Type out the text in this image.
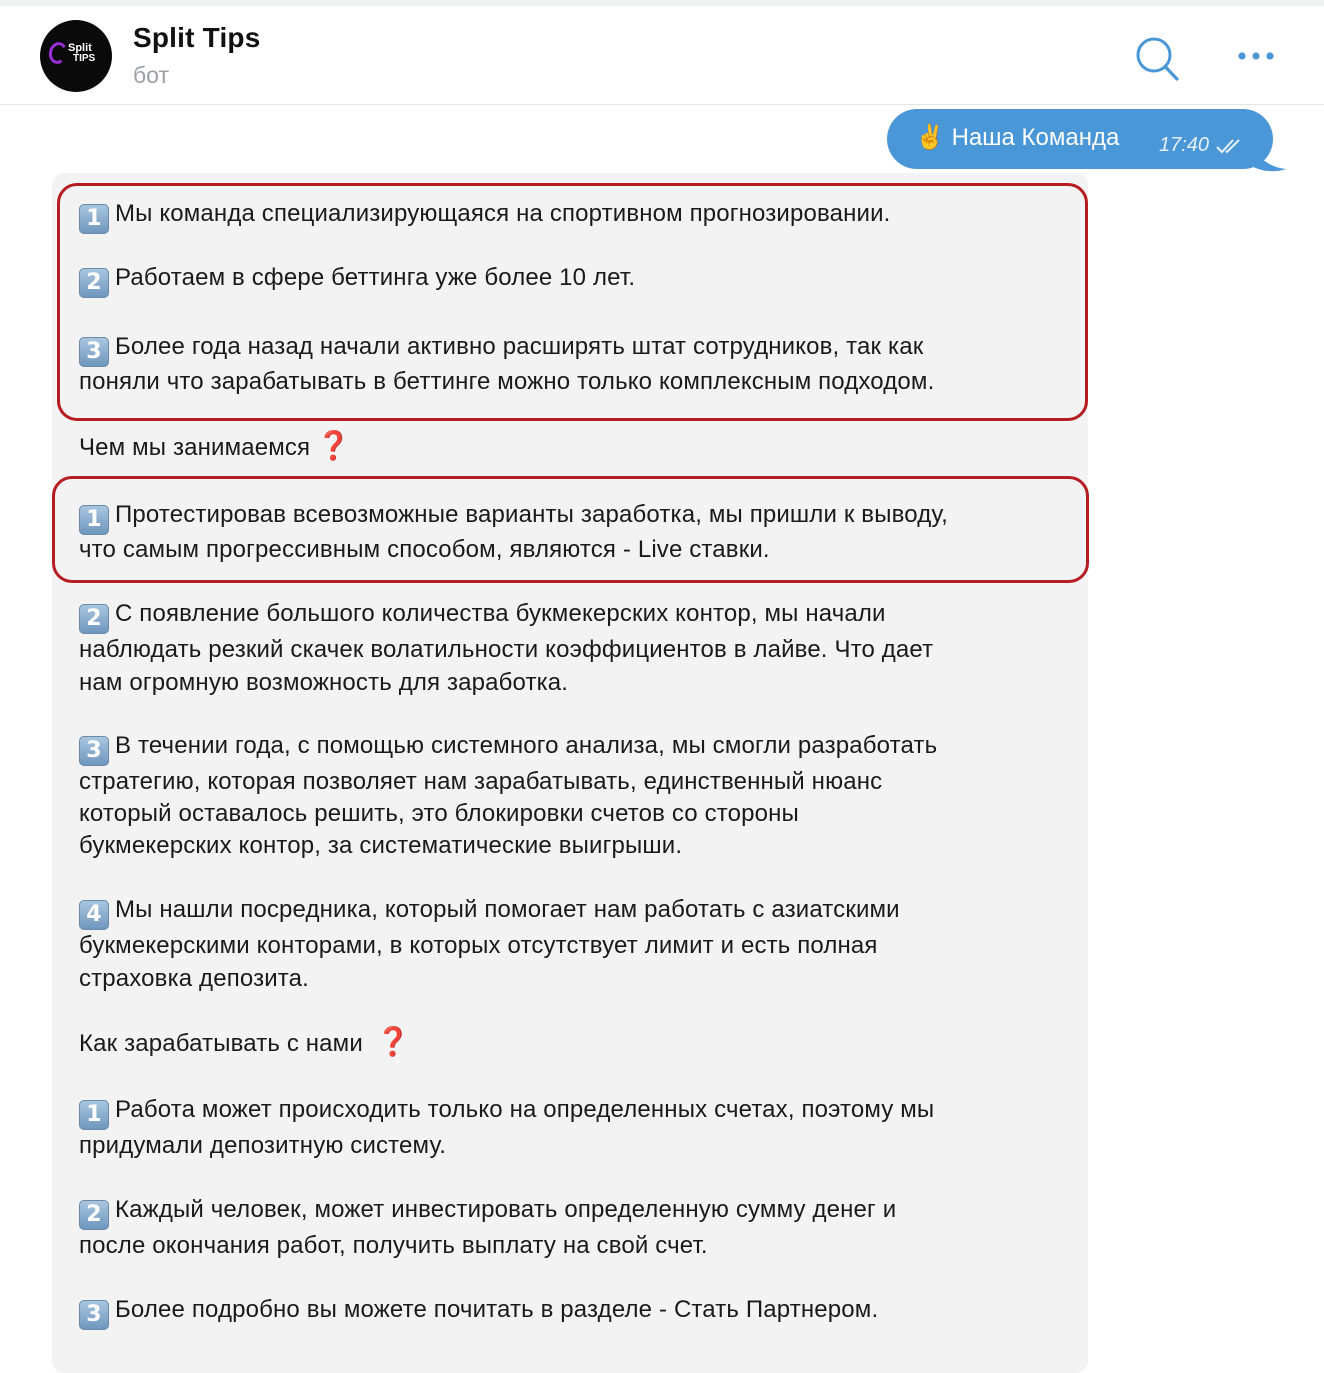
Split
TIPS
Split Tips
бот
✌️ Наша Команда 17:40
1 Мы команда специализирующаяся на спортивном прогнозировании.
2 Работаем в сфере беттинга уже более 10 лет.
3 Более года назад начали активно расширять штат сотрудников, так как
поняли что зарабатывать в беттинге можно только комплексным подходом.
Чем мы занимаемся ❓
1 Протестировав всевозможные варианты заработка, мы пришли к выводу,
что самым прогрессивным способом, являются - Live ставки.
2 С появление большого количества букмекерских контор, мы начали
наблюдать резкий скачек волатильности коэффициентов в лайве. Что дает
нам огромную возможность для заработка.
3 В течении года, с помощью системного анализа, мы смогли разработать
стратегию, которая позволяет нам зарабатывать, единственный нюанс
который оставалось решить, это блокировки счетов со стороны
букмекерских контор, за систематические выигрыши.
4 Мы нашли посредника, который помогает нам работать с азиатскими
букмекерскими конторами, в которых отсутствует лимит и есть полная
страховка депозита.
Как зарабатывать с нами ❓
1 Работа может происходить только на определенных счетах, поэтому мы
придумали депозитную систему.
2 Каждый человек, может инвестировать определенную сумму денег и
после окончания работ, получить выплату на свой счет.
3 Более подробно вы можете почитать в разделе - Стать Партнером.
